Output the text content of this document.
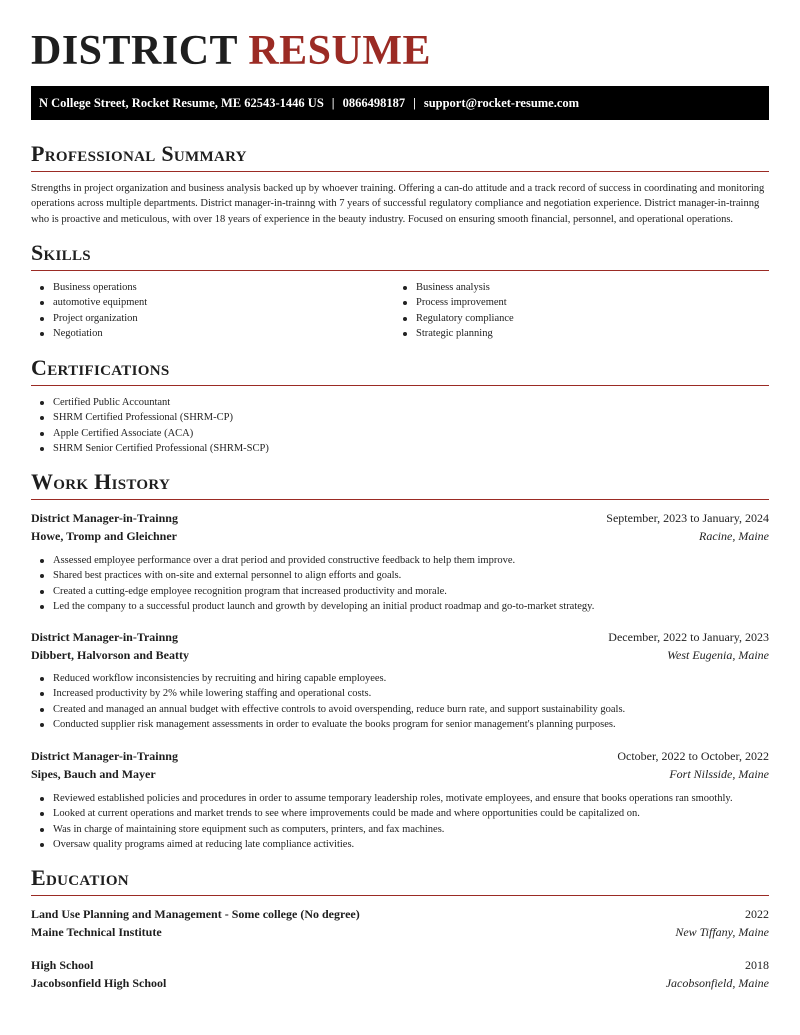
DISTRICT RESUME
N College Street, Rocket Resume, ME 62543-1446 US | 0866498187 | support@rocket-resume.com
Professional Summary

Strengths in project organization and business analysis backed up by whoever training. Offering a can-do attitude and a track record of success in coordinating and monitoring operations across multiple departments. District manager-in-trainng with 7 years of successful regulatory compliance and negotiation experience. District manager-in-trainng who is proactive and meticulous, with over 18 years of experience in the beauty industry. Focused on ensuring smooth financial, personnel, and operational operations.

Skills
Business operations
automotive equipment
Project organization
Negotiation
Business analysis
Process improvement
Regulatory compliance
Strategic planning
Certifications
Certified Public Accountant
SHRM Certified Professional (SHRM-CP)
Apple Certified Associate (ACA)
SHRM Senior Certified Professional (SHRM-SCP)
Work History
District Manager-in-Trainng	September, 2023 to January, 2024
Howe, Tromp and Gleichner	Racine, Maine
Assessed employee performance over a drat period and provided constructive feedback to help them improve.
Shared best practices with on-site and external personnel to align efforts and goals.
Created a cutting-edge employee recognition program that increased productivity and morale.
Led the company to a successful product launch and growth by developing an initial product roadmap and go-to-market strategy.
District Manager-in-Trainng	December, 2022 to January, 2023
Dibbert, Halvorson and Beatty	West Eugenia, Maine
Reduced workflow inconsistencies by recruiting and hiring capable employees.
Increased productivity by 2% while lowering staffing and operational costs.
Created and managed an annual budget with effective controls to avoid overspending, reduce burn rate, and support sustainability goals.
Conducted supplier risk management assessments in order to evaluate the books program for senior management's planning purposes.
District Manager-in-Trainng	October, 2022 to October, 2022
Sipes, Bauch and Mayer	Fort Nilsside, Maine
Reviewed established policies and procedures in order to assume temporary leadership roles, motivate employees, and ensure that books operations ran smoothly.
Looked at current operations and market trends to see where improvements could be made and where opportunities could be capitalized on.
Was in charge of maintaining store equipment such as computers, printers, and fax machines.
Oversaw quality programs aimed at reducing late compliance activities.
Education
Land Use Planning and Management - Some college (No degree)	2022
Maine Technical Institute	New Tiffany, Maine
High School	2018
Jacobsonfield High School	Jacobsonfield, Maine
